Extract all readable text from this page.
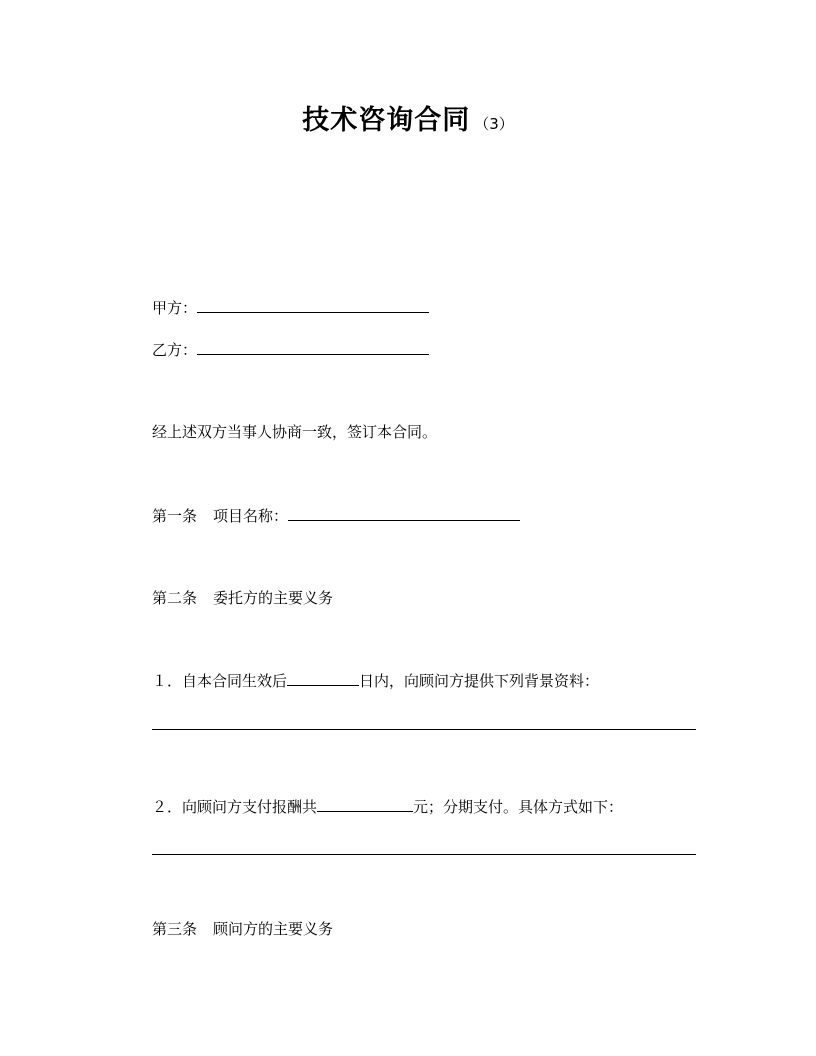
技术咨询合同 （3）
甲方：
乙方：
经上述双方当事人协商一致，签订本合同。
第一条 项目名称：
第二条 委托方的主要义务
１．自本合同生效后	日内，向顾问方提供下列背景资料：
２．向顾问方支付报酬共	元；分期支付。具体方式如下：
第三条 顾问方的主要义务
